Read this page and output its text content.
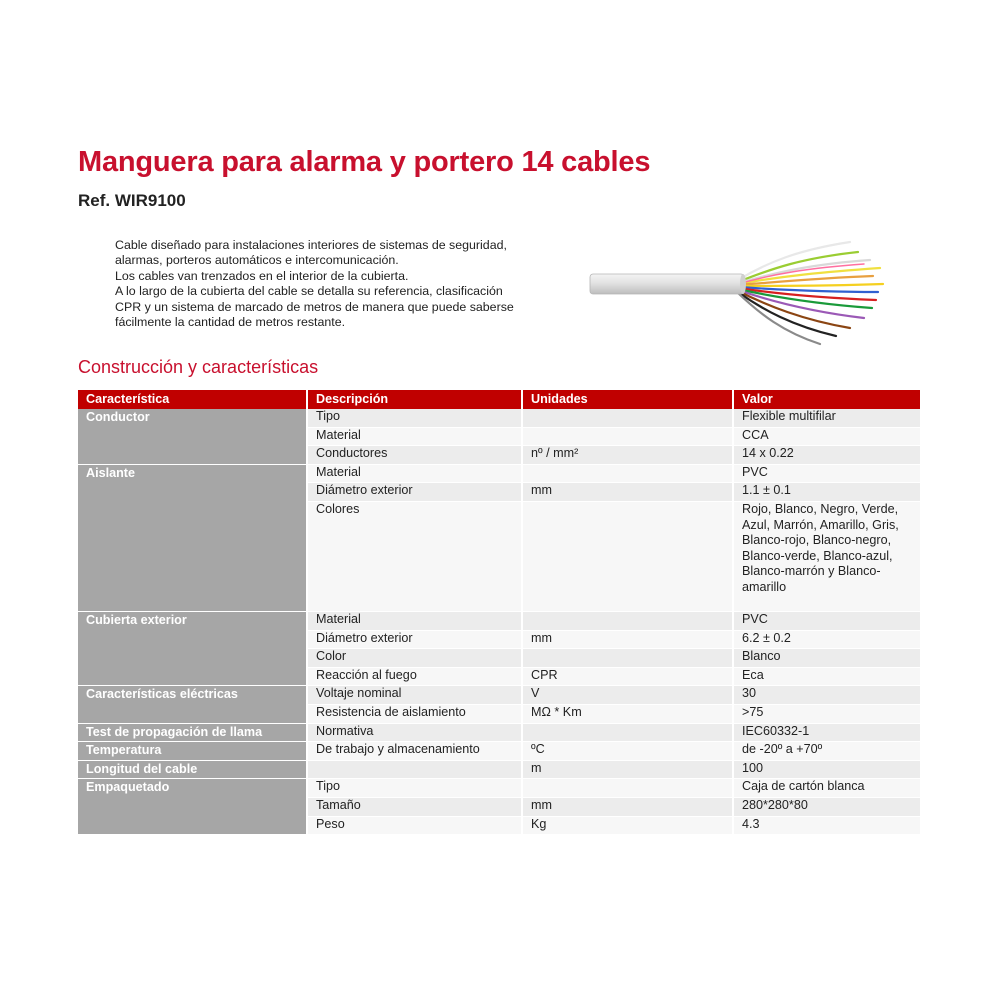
Manguera para alarma y portero 14 cables
Ref. WIR9100
Cable diseñado para instalaciones interiores de sistemas de seguridad,
alarmas, porteros automáticos e intercomunicación.
Los cables van trenzados en el interior de la cubierta.
A lo largo de la cubierta del cable se detalla su referencia, clasificación
CPR y un sistema de marcado de metros de manera que puede saberse
fácilmente la cantidad de metros restante.
Construcción y características
Característica	Descripción	Unidades	Valor
Conductor	Tipo		Flexible multifilar
	Material		CCA
	Conductores	nº / mm²	14 x 0.22
Aislante	Material		PVC
	Diámetro exterior	mm	1.1 ± 0.1
	Colores		Rojo, Blanco, Negro, Verde, Azul, Marrón, Amarillo, Gris, Blanco-rojo, Blanco-negro, Blanco-verde, Blanco-azul, Blanco-marrón y Blanco-amarillo
Cubierta exterior	Material		PVC
	Diámetro exterior	mm	6.2 ± 0.2
	Color		Blanco
	Reacción al fuego	CPR	Eca
Características eléctricas	Voltaje nominal	V	30
	Resistencia de aislamiento	MΩ * Km	>75
Test de propagación de llama	Normativa		IEC60332-1
Temperatura	De trabajo y almacenamiento	ºC	de -20º a +70º
Longitud del cable		m	100
Empaquetado	Tipo		Caja de cartón blanca
	Tamaño	mm	280*280*80
	Peso	Kg	4.3
